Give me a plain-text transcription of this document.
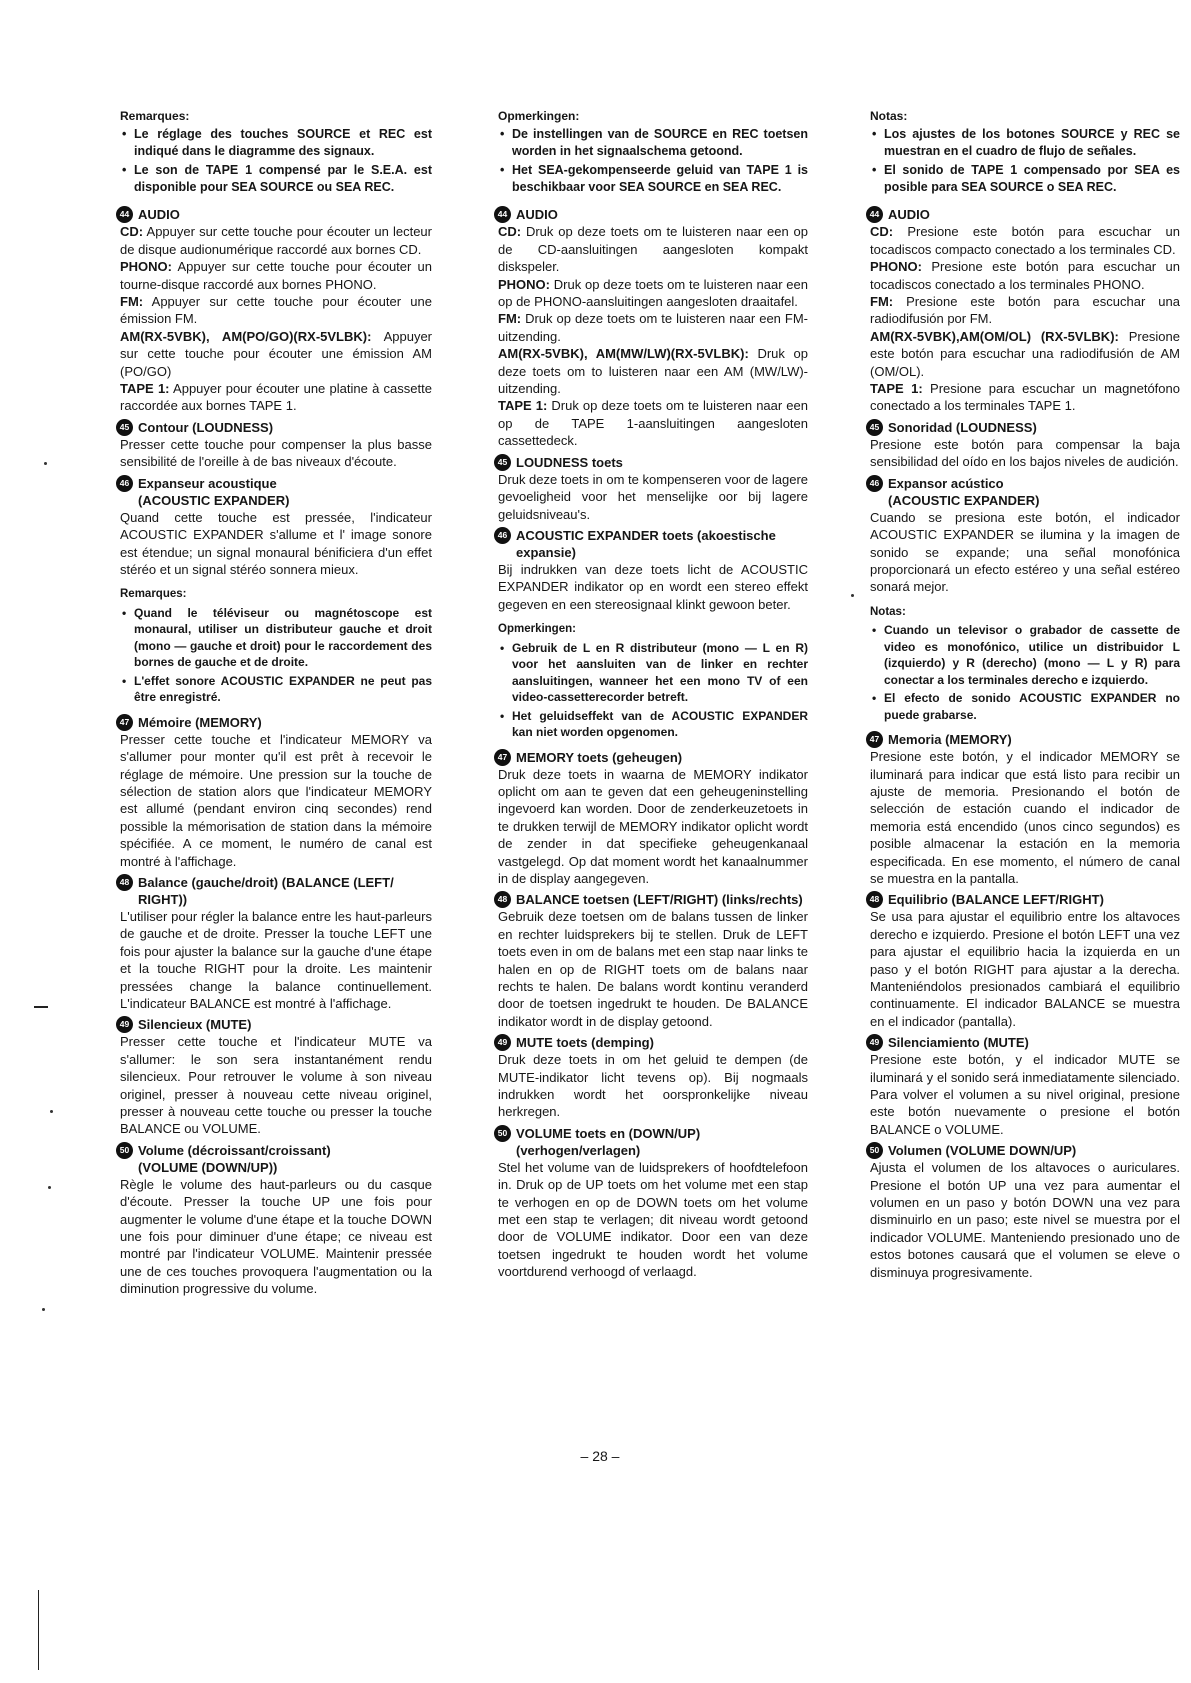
Remarques:
• Le réglage des touches SOURCE et REC est indiqué dans le diagramme des signaux.
• Le son de TAPE 1 compensé par le S.E.A. est disponible pour SEA SOURCE ou SEA REC.
44 AUDIO

CD: Appuyer sur cette touche pour écouter un lecteur de disque audionumérique raccordé aux bornes CD.

PHONO: Appuyer sur cette touche pour écouter un tourne-disque raccordé aux bornes PHONO.

FM: Appuyer sur cette touche pour écouter une émission FM.

AM(RX-5VBK), AM(PO/GO)(RX-5VLBK): Appuyer sur cette touche pour écouter une émission AM (PO/GO)

TAPE 1: Appuyer pour écouter une platine à cassette raccordée aux bornes TAPE 1.

45 Contour (LOUDNESS)

Presser cette touche pour compenser la plus basse sensibilité de l'oreille à de bas niveaux d'écoute.

46 Expanseur acoustique
(ACOUSTIC EXPANDER)

Quand cette touche est pressée, l'indicateur ACOUSTIC EXPANDER s'allume et l' image sonore est étendue; un signal monaural bénificiera d'un effet stéréo et un signal stéréo sonnera mieux.

Remarques:
• Quand le téléviseur ou magnétoscope est monaural, utiliser un distributeur gauche et droit (mono — gauche et droit) pour le raccordement des bornes de gauche et de droite.
• L'effet sonore ACOUSTIC EXPANDER ne peut pas être enregistré.
47 Mémoire (MEMORY)

Presser cette touche et l'indicateur MEMORY va s'allumer pour monter qu'il est prêt à recevoir le réglage de mémoire. Une pression sur la touche de sélection de station alors que l'indicateur MEMORY est allumé (pendant environ cinq secondes) rend possible la mémorisation de station dans la mémoire spécifiée. A ce moment, le numéro de canal est montré à l'affichage.

48 Balance (gauche/droit) (BALANCE (LEFT/ RIGHT))

L'utiliser pour régler la balance entre les haut-parleurs de gauche et de droite. Presser la touche LEFT une fois pour ajuster la balance sur la gauche d'une étape et la touche RIGHT pour la droite. Les maintenir pressées change la balance continuellement. L'indicateur BALANCE est montré à l'affichage.

49 Silencieux (MUTE)

Presser cette touche et l'indicateur MUTE va s'allumer: le son sera instantanément rendu silencieux. Pour retrouver le volume à son niveau originel, presser à nouveau cette niveau originel, presser à nouveau cette touche ou presser la touche BALANCE ou VOLUME.

50 Volume (décroissant/croissant)
(VOLUME (DOWN/UP))

Règle le volume des haut-parleurs ou du casque d'écoute. Presser la touche UP une fois pour augmenter le volume d'une étape et la touche DOWN une fois pour diminuer d'une étape; ce niveau est montré par l'indicateur VOLUME. Maintenir pressée une de ces touches provoquera l'augmentation ou la diminution progressive du volume.

Opmerkingen:
• De instellingen van de SOURCE en REC toetsen worden in het signaalschema getoond.
• Het SEA-gekompenseerde geluid van TAPE 1 is beschikbaar voor SEA SOURCE en SEA REC.
44 AUDIO

CD: Druk op deze toets om te luisteren naar een op de CD-aansluitingen aangesloten kompakt diskspeler.

PHONO: Druk op deze toets om te luisteren naar een op de PHONO-aansluitingen aangesloten draaitafel.

FM: Druk op deze toets om te luisteren naar een FM-uitzending.

AM(RX-5VBK), AM(MW/LW)(RX-5VLBK): Druk op deze toets om to luisteren naar een AM (MW/LW)-uitzending.

TAPE 1: Druk op deze toets om te luisteren naar een op de TAPE 1-aansluitingen aangesloten cassettedeck.

45 LOUDNESS toets

Druk deze toets in om te kompenseren voor de lagere gevoeligheid voor het menselijke oor bij lagere geluidsniveau's.

46 ACOUSTIC EXPANDER toets (akoestische expansie)

Bij indrukken van deze toets licht de ACOUSTIC EXPANDER indikator op en wordt een stereo effekt gegeven en een stereosignaal klinkt gewoon beter.

Opmerkingen:
• Gebruik de L en R distributeur (mono — L en R) voor het aansluiten van de linker en rechter aansluitingen, wanneer het een mono TV of een video-cassetterecorder betreft.
• Het geluidseffekt van de ACOUSTIC EXPANDER kan niet worden opgenomen.
47 MEMORY toets (geheugen)

Druk deze toets in waarna de MEMORY indikator oplicht om aan te geven dat een geheugeninstelling ingevoerd kan worden. Door de zenderkeuzetoets in te drukken terwijl de MEMORY indikator oplicht wordt de zender in dat specifieke geheugenkanaal vastgelegd. Op dat moment wordt het kanaalnummer in de display aangegeven.

48 BALANCE toetsen (LEFT/RIGHT) (links/rechts)

Gebruik deze toetsen om de balans tussen de linker en rechter luidsprekers bij te stellen. Druk de LEFT toets even in om de balans met een stap naar links te halen en op de RIGHT toets om de balans naar rechts te halen. De balans wordt kontinu veranderd door de toetsen ingedrukt te houden. De BALANCE indikator wordt in de display getoond.

49 MUTE toets (demping)

Druk deze toets in om het geluid te dempen (de MUTE-indikator licht tevens op). Bij nogmaals indrukken wordt het oorspronkelijke niveau herkregen.

50 VOLUME toets en (DOWN/UP)
(verhogen/verlagen)

Stel het volume van de luidsprekers of hoofdtelefoon in. Druk op de UP toets om het volume met een stap te verhogen en op de DOWN toets om het volume met een stap te verlagen; dit niveau wordt getoond door de VOLUME indikator. Door een van deze toetsen ingedrukt te houden wordt het volume voortdurend verhoogd of verlaagd.

Notas:
• Los ajustes de los botones SOURCE y REC se muestran en el cuadro de flujo de señales.
• El sonido de TAPE 1 compensado por SEA es posible para SEA SOURCE o SEA REC.
44 AUDIO

CD: Presione este botón para escuchar un tocadiscos compacto conectado a los terminales CD.

PHONO: Presione este botón para escuchar un tocadiscos conectado a los terminales PHONO.

FM: Presione este botón para escuchar una radiodifusión por FM.

AM(RX-5VBK),AM(OM/OL) (RX-5VLBK): Presione este botón para escuchar una radiodifusión de AM (OM/OL).

TAPE 1: Presione para escuchar un magnetófono conectado a los terminales TAPE 1.

45 Sonoridad (LOUDNESS)

Presione este botón para compensar la baja sensibilidad del oído en los bajos niveles de audición.

46 Expansor acústico
(ACOUSTIC EXPANDER)

Cuando se presiona este botón, el indicador ACOUSTIC EXPANDER se ilumina y la imagen de sonido se expande; una señal monofónica proporcionará un efecto estéreo y una señal estéreo sonará mejor.

Notas:
• Cuando un televisor o grabador de cassette de video es monofónico, utilice un distribuidor L (izquierdo) y R (derecho) (mono — L y R) para conectar a los terminales derecho e izquierdo.
• El efecto de sonido ACOUSTIC EXPANDER no puede grabarse.
47 Memoria (MEMORY)

Presione este botón, y el indicador MEMORY se iluminará para indicar que está listo para recibir un ajuste de memoria. Presionando el botón de selección de estación cuando el indicador de memoria está encendido (unos cinco segundos) es posible almacenar la estación en la memoria especificada. En ese momento, el número de canal se muestra en la pantalla.

48 Equilibrio (BALANCE LEFT/RIGHT)

Se usa para ajustar el equilibrio entre los altavoces derecho e izquierdo. Presione el botón LEFT una vez para ajustar el equilibrio hacia la izquierda en un paso y el botón RIGHT para ajustar a la derecha. Manteniéndolos presionados cambiará el equilibrio continuamente. El indicador BALANCE se muestra en el indicador (pantalla).

49 Silenciamiento (MUTE)

Presione este botón, y el indicador MUTE se iluminará y el sonido será inmediatamente silenciado. Para volver el volumen a su nivel original, presione este botón nuevamente o presione el botón BALANCE o VOLUME.

50 Volumen (VOLUME DOWN/UP)

Ajusta el volumen de los altavoces o auriculares. Presione el botón UP una vez para aumentar el volumen en un paso y botón DOWN una vez para disminuirlo en un paso; este nivel se muestra por el indicador VOLUME. Manteniendo presionado uno de estos botones causará que el volumen se eleve o disminuya progresivamente.

– 28 –
